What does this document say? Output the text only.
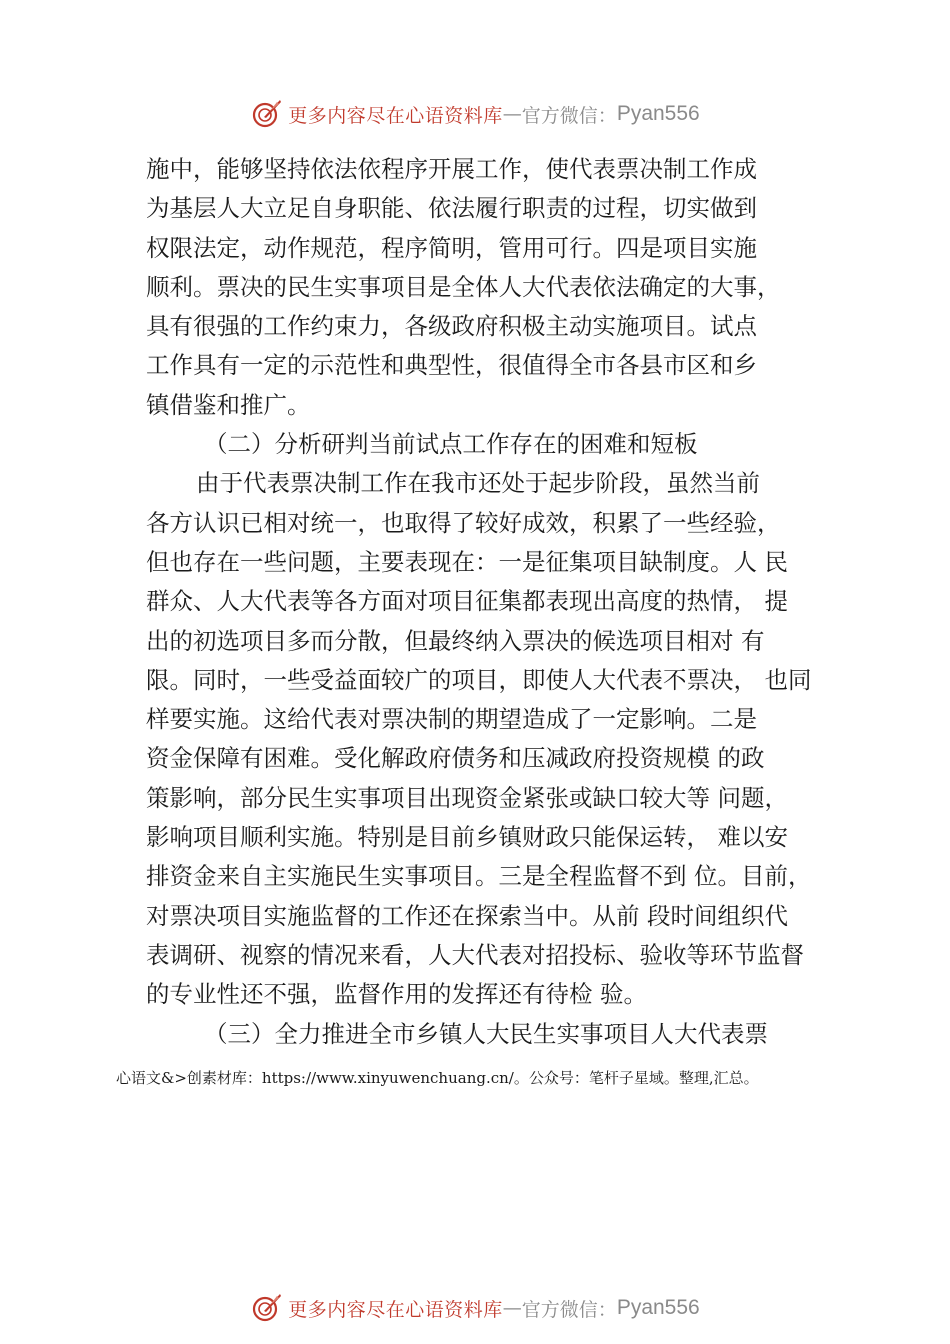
更多内容尽在心语资料库 — 官方微信： Pyan556
施中，能够坚持依法依程序开展工作，使代表票决制工作成
为基层人大立足自身职能、依法履行职责的过程，切实做到
权限法定，动作规范，程序简明，管用可行。四是项目实施
顺利。票决的民生实事项目是全体人大代表依法确定的大事，
具有很强的工作约束力，各级政府积极主动实施项目。试点
工作具有一定的示范性和典型性，很值得全市各县市区和乡
镇借鉴和推广。
（二）分析研判当前试点工作存在的困难和短板
由于代表票决制工作在我市还处于起步阶段，虽然当前
各方认识已相对统一，也取得了较好成效，积累了一些经验，
但也存在一些问题，主要表现在：一是征集项目缺制度。人 民
群众、人大代表等各方面对项目征集都表现出高度的热情， 提
出的初选项目多而分散，但最终纳入票决的候选项目相对 有
限。同时，一些受益面较广的项目，即使人大代表不票决， 也同
样要实施。这给代表对票决制的期望造成了一定影响。二是
资金保障有困难。受化解政府债务和压减政府投资规模 的政
策影响，部分民生实事项目出现资金紧张或缺口较大等 问题，
影响项目顺利实施。特别是目前乡镇财政只能保运转， 难以安
排资金来自主实施民生实事项目。三是全程监督不到 位。目前，
对票决项目实施监督的工作还在探索当中。从前 段时间组织代
表调研、视察的情况来看，人大代表对招投标、验收等环节监督
的专业性还不强，监督作用的发挥还有待检 验。
（三）全力推进全市乡镇人大民生实事项目人大代表票
心语文&>创素材库：https://www.xinyuwenchuang.cn/。公众号：笔杆子星域。整理,汇总。
更多内容尽在心语资料库 — 官方微信： Pyan556
